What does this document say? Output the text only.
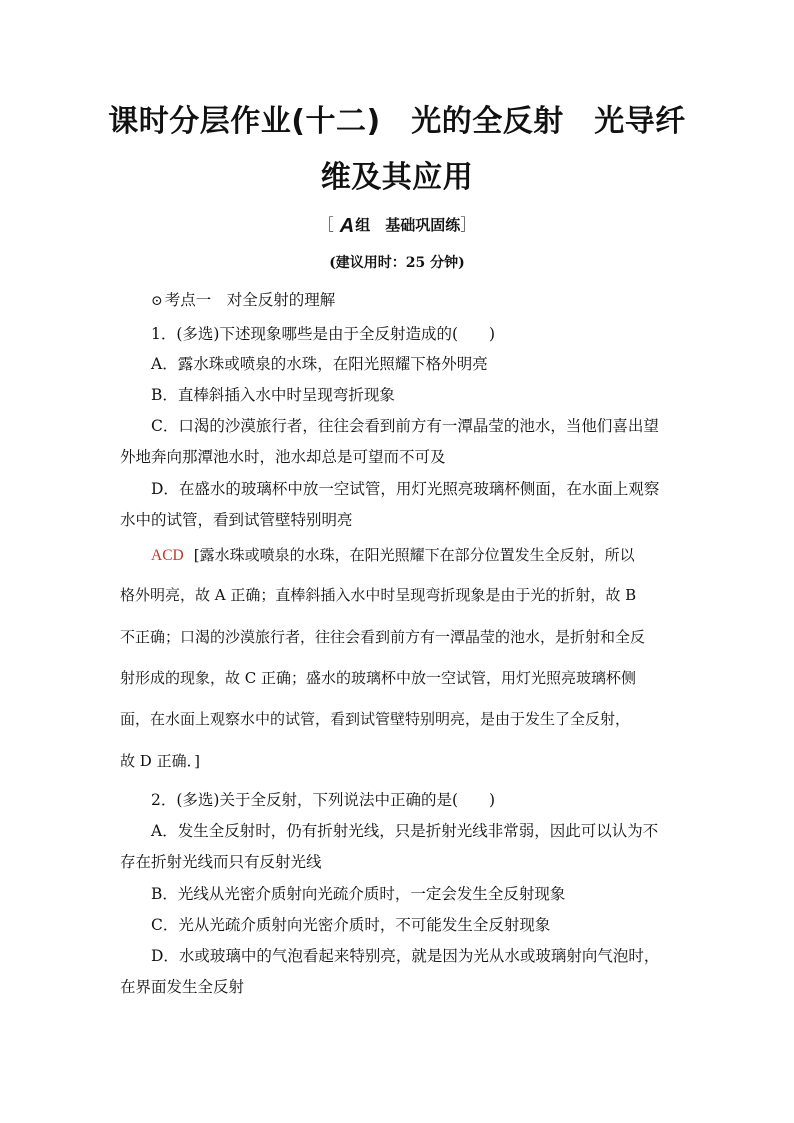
课时分层作业(十二)　光的全反射　光导纤
维及其应用
［ A组　基础巩固练］
(建议用时：25 分钟)
⊙ 考点一　对全反射的理解
1．(多选)下述现象哪些是由于全反射造成的(　　)
A．露水珠或喷泉的水珠，在阳光照耀下格外明亮
B．直棒斜插入水中时呈现弯折现象
C．口渴的沙漠旅行者，往往会看到前方有一潭晶莹的池水，当他们喜出望
外地奔向那潭池水时，池水却总是可望而不可及
D．在盛水的玻璃杯中放一空试管，用灯光照亮玻璃杯侧面，在水面上观察
水中的试管，看到试管壁特别明亮
ACD [露水珠或喷泉的水珠，在阳光照耀下在部分位置发生全反射，所以
格外明亮，故 A 正确；直棒斜插入水中时呈现弯折现象是由于光的折射，故 B
不正确；口渴的沙漠旅行者，往往会看到前方有一潭晶莹的池水，是折射和全反
射形成的现象，故 C 正确；盛水的玻璃杯中放一空试管，用灯光照亮玻璃杯侧
面，在水面上观察水中的试管，看到试管壁特别明亮，是由于发生了全反射，
故 D 正确．]
2．(多选)关于全反射，下列说法中正确的是(　　)
A．发生全反射时，仍有折射光线，只是折射光线非常弱，因此可以认为不
存在折射光线而只有反射光线
B．光线从光密介质射向光疏介质时，一定会发生全反射现象
C．光从光疏介质射向光密介质时，不可能发生全反射现象
D．水或玻璃中的气泡看起来特别亮，就是因为光从水或玻璃射向气泡时，
在界面发生全反射
